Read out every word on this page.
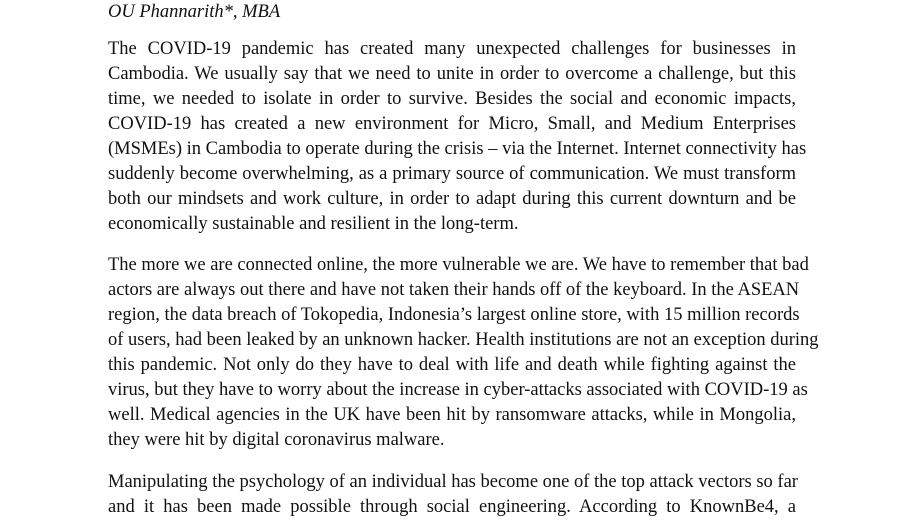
OU Phannarith*, MBA
The COVID-19 pandemic has created many unexpected challenges for businesses in
Cambodia. We usually say that we need to unite in order to overcome a challenge, but this
time, we needed to isolate in order to survive. Besides the social and economic impacts,
COVID-19 has created a new environment for Micro, Small, and Medium Enterprises
(MSMEs) in Cambodia to operate during the crisis – via the Internet. Internet connectivity has
suddenly become overwhelming, as a primary source of communication. We must transform
both our mindsets and work culture, in order to adapt during this current downturn and be
economically sustainable and resilient in the long-term.
The more we are connected online, the more vulnerable we are. We have to remember that bad
actors are always out there and have not taken their hands off of the keyboard. In the ASEAN
region, the data breach of Tokopedia, Indonesia’s largest online store, with 15 million records
of users, had been leaked by an unknown hacker. Health institutions are not an exception during
this pandemic. Not only do they have to deal with life and death while fighting against the
virus, but they have to worry about the increase in cyber-attacks associated with COVID-19 as
well. Medical agencies in the UK have been hit by ransomware attacks, while in Mongolia,
they were hit by digital coronavirus malware.
Manipulating the psychology of an individual has become one of the top attack vectors so far
and it has been made possible through social engineering. According to KnownBe4, a
